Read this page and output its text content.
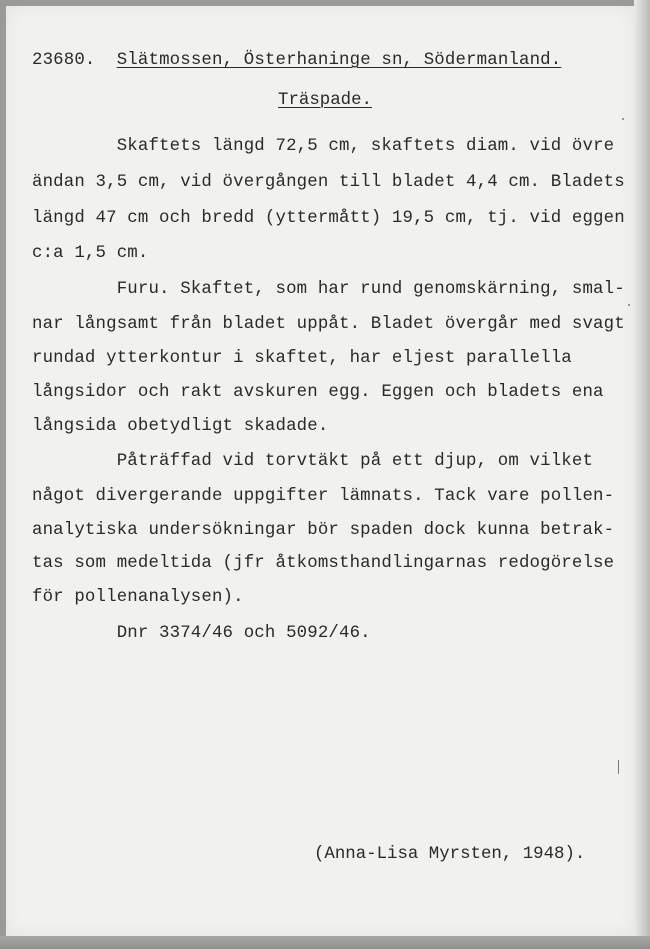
23680. Slätmossen, Österhaninge sn, Södermanland.
Träspade.
Skaftets längd 72,5 cm, skaftets diam. vid övre
ändan 3,5 cm, vid övergången till bladet 4,4 cm. Bladets
längd 47 cm och bredd (yttermått) 19,5 cm, tj. vid eggen
c:a 1,5 cm.
Furu. Skaftet, som har rund genomskärning, smal-
nar långsamt från bladet uppåt. Bladet övergår med svagt
rundad ytterkontur i skaftet, har eljest parallella
långsidor och rakt avskuren egg. Eggen och bladets ena
långsida obetydligt skadade.
Påträffad vid torvtäkt på ett djup, om vilket
något divergerande uppgifter lämnats. Tack vare pollen-
analytiska undersökningar bör spaden dock kunna betrak-
tas som medeltida (jfr åtkomsthandlingarnas redogörelse
för pollenanalysen).
Dnr 3374/46 och 5092/46.
(Anna-Lisa Myrsten, 1948).
